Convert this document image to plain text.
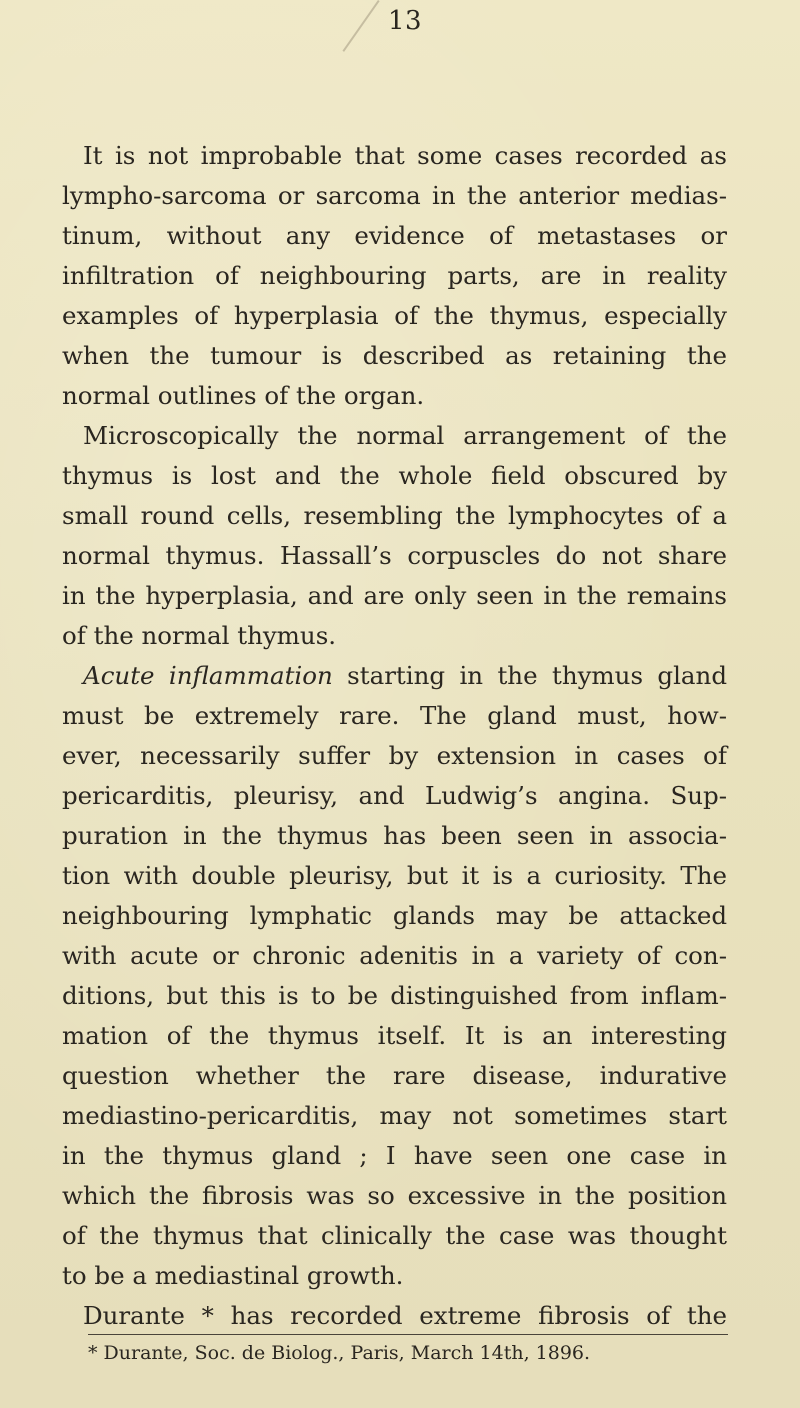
13
It is not improbable that some cases recorded as
lympho-sarcoma or sarcoma in the anterior medias-
tinum, without any evidence of metastases or
infiltration of neighbouring parts, are in reality
examples of hyperplasia of the thymus, especially
when the tumour is described as retaining the
normal outlines of the organ.
Microscopically the normal arrangement of the
thymus is lost and the whole field obscured by
small round cells, resembling the lymphocytes of a
normal thymus. Hassall’s corpuscles do not share
in the hyperplasia, and are only seen in the remains
of the normal thymus.
Acute inflammation starting in the thymus gland
must be extremely rare. The gland must, how-
ever, necessarily suffer by extension in cases of
pericarditis, pleurisy, and Ludwig’s angina. Sup-
puration in the thymus has been seen in associa-
tion with double pleurisy, but it is a curiosity. The
neighbouring lymphatic glands may be attacked
with acute or chronic adenitis in a variety of con-
ditions, but this is to be distinguished from inflam-
mation of the thymus itself. It is an interesting
question whether the rare disease, indurative
mediastino-pericarditis, may not sometimes start
in the thymus gland ; I have seen one case in
which the fibrosis was so excessive in the position
of the thymus that clinically the case was thought
to be a mediastinal growth.
Durante * has recorded extreme fibrosis of the
* Durante, Soc. de Biolog., Paris, March 14th, 1896.
